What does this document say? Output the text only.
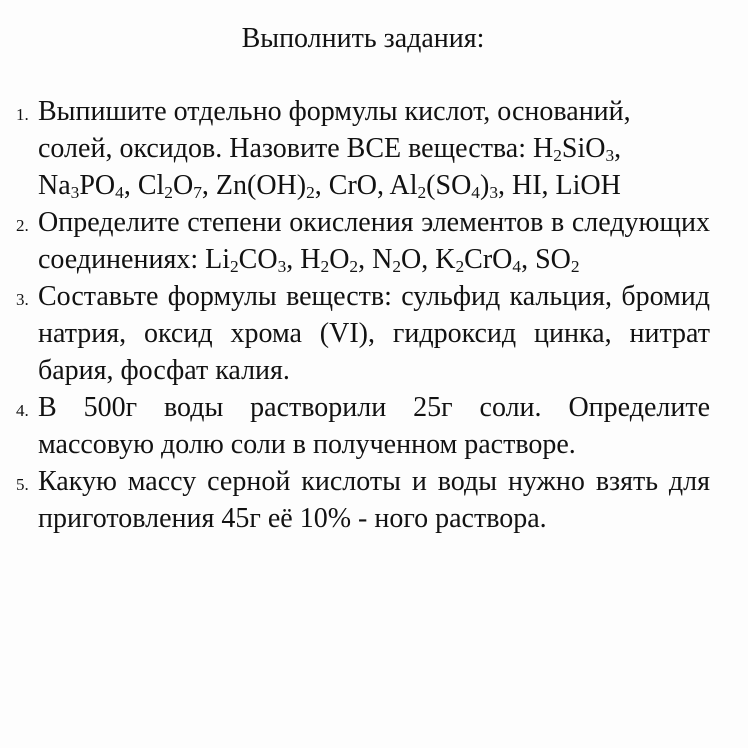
Выполнить задания:
1. Выпишите отдельно формулы кислот, оснований, солей, оксидов. Назовите ВСЕ вещества: $H_2SiO_3$, $Na_3PO_4$, $Cl_2O_7$, $Zn(OH)_2$, CrO, $Al_2(SO_4)_3$, HI, LiOH
2. Определите степени окисления элементов в следующих соединениях: $Li_2CO_3$, $H_2O_2$, $N_2O$, $K_2CrO_4$, $SO_2$
3. Составьте формулы веществ: сульфид кальция, бромид натрия, оксид хрома (VI), гидроксид цинка, нитрат бария, фосфат калия.
4. В 500г воды растворили 25г соли. Определите массовую долю соли в полученном растворе.
5. Какую массу серной кислоты и воды нужно взять для приготовления 45г её 10% - ного раствора.
